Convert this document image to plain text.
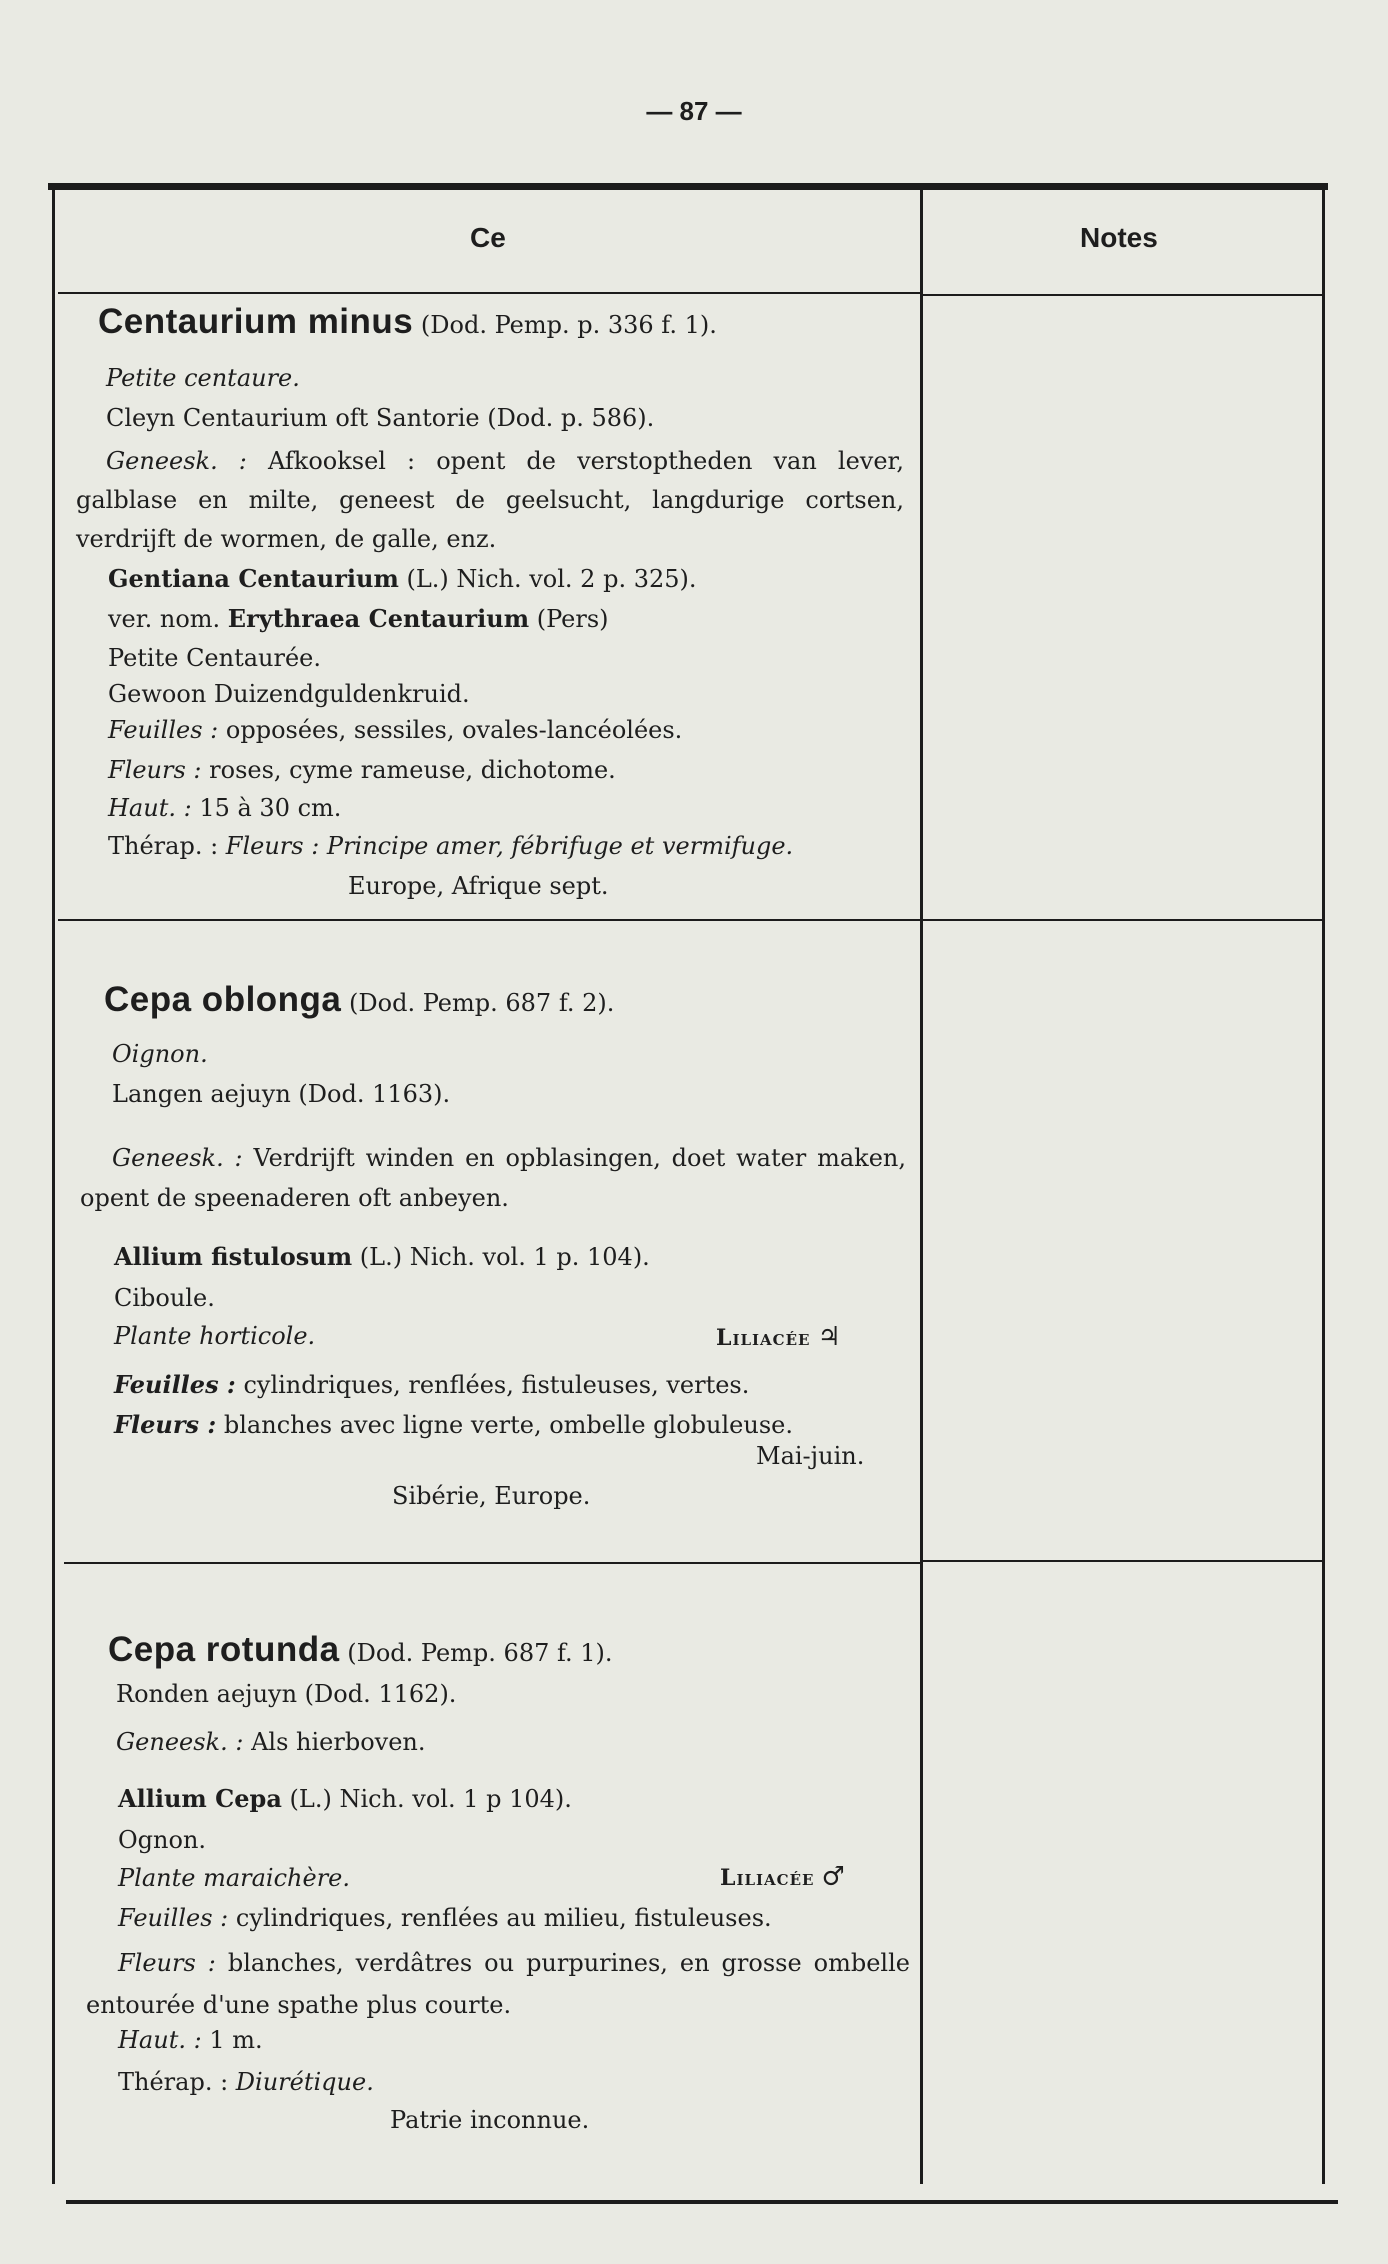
— 87 —
Ce	Notes
Centaurium minus (Dod. Pemp. p. 336 f. 1).
Petite centaure.
Cleyn Centaurium oft Santorie (Dod. p. 586).
Geneesk. : Afkooksel : opent de verstoptheden van lever, galblase en milte, geneest de geelsucht, langdurige cortsen, verdrijft de wormen, de galle, enz.
Gentiana Centaurium (L.) Nich. vol. 2 p. 325).
ver. nom. Erythraea Centaurium (Pers)
Petite Centaurée.
Gewoon Duizendguldenkruid.
Feuilles : opposées, sessiles, ovales-lancéolées.
Fleurs : roses, cyme rameuse, dichotome.
Haut. : 15 à 30 cm.
Thérap. : Fleurs : Principe amer, fébrifuge et vermifuge.
Europe, Afrique sept.
Cepa oblonga (Dod. Pemp. 687 f. 2).
Oignon.
Langen aejuyn (Dod. 1163).
Geneesk. : Verdrijft winden en opblasingen, doet water maken, opent de speenaderen oft anbeyen.
Allium fistulosum (L.) Nich. vol. 1 p. 104).
Ciboule.
Plante horticole.	Liliacée ♃
Feuilles : cylindriques, renflées, fistuleuses, vertes.
Fleurs : blanches avec ligne verte, ombelle globuleuse.
Mai-juin.
Sibérie, Europe.
Cepa rotunda (Dod. Pemp. 687 f. 1).
Ronden aejuyn (Dod. 1162).
Geneesk. : Als hierboven.
Allium Cepa (L.) Nich. vol. 1 p 104).
Ognon.
Plante maraichère.	Liliacée ♂
Feuilles : cylindriques, renflées au milieu, fistuleuses.
Fleurs : blanches, verdâtres ou purpurines, en grosse ombelle entourée d'une spathe plus courte.
Haut. : 1 m.
Thérap. : Diurétique.
Patrie inconnue.
